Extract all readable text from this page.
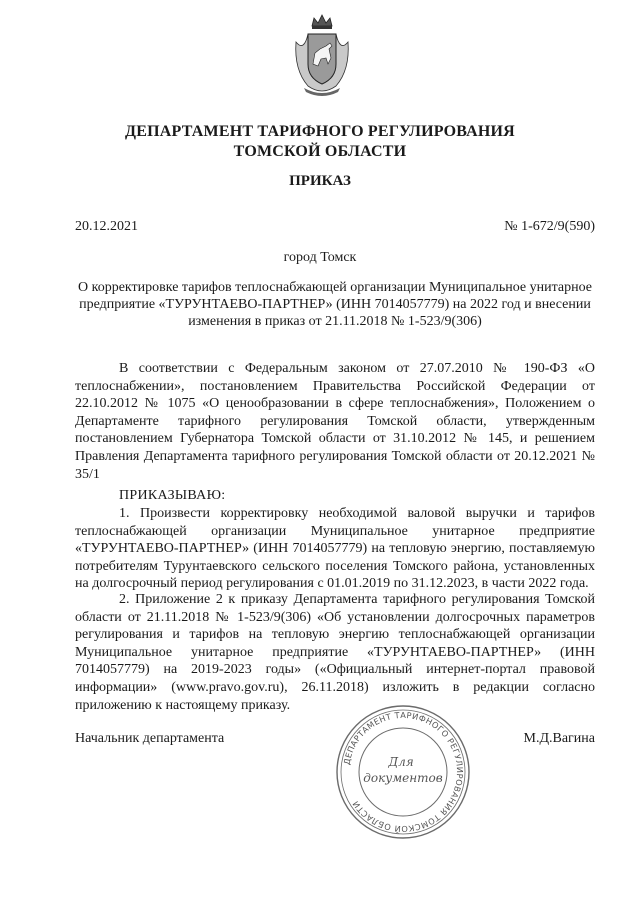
ДЕПАРТАМЕНТ ТАРИФНОГО РЕГУЛИРОВАНИЯ
ТОМСКОЙ ОБЛАСТИ
ПРИКАЗ
20.12.2021	№ 1-672/9(590)
город Томск
О корректировке тарифов теплоснабжающей организации Муниципальное унитарное предприятие «ТУРУНТАЕВО-ПАРТНЕР» (ИНН 7014057779) на 2022 год и внесении изменения в приказ от 21.11.2018 № 1-523/9(306)

В соответствии с Федеральным законом от 27.07.2010 № 190-ФЗ «О теплоснабжении», постановлением Правительства Российской Федерации от 22.10.2012 № 1075 «О ценообразовании в сфере теплоснабжения», Положением о Департаменте тарифного регулирования Томской области, утвержденным постановлением Губернатора Томской области от 31.10.2012 № 145, и решением Правления Департамента тарифного регулирования Томской области от 20.12.2021 № 35/1

ПРИКАЗЫВАЮ:

1. Произвести корректировку необходимой валовой выручки и тарифов теплоснабжающей организации Муниципальное унитарное предприятие «ТУРУНТАЕВО-ПАРТНЕР» (ИНН 7014057779) на тепловую энергию, поставляемую потребителям Турунтаевского сельского поселения Томского района, установленных на долгосрочный период регулирования с 01.01.2019 по 31.12.2023, в части 2022 года.

2. Приложение 2 к приказу Департамента тарифного регулирования Томской области от 21.11.2018 № 1-523/9(306) «Об установлении долгосрочных параметров регулирования и тарифов на тепловую энергию теплоснабжающей организации Муниципальное унитарное предприятие «ТУРУНТАЕВО-ПАРТНЕР» (ИНН 7014057779) на 2019-2023 годы» («Официальный интернет-портал правовой информации» (www.pravo.gov.ru), 26.11.2018) изложить в редакции согласно приложению к настоящему приказу.

Начальник департамента	М.Д.Вагина
ДЕПАРТАМЕНТ ТАРИФНОГО РЕГУЛИРОВАНИЯ ТОМСКОЙ ОБЛАСТИ
Для
документов
